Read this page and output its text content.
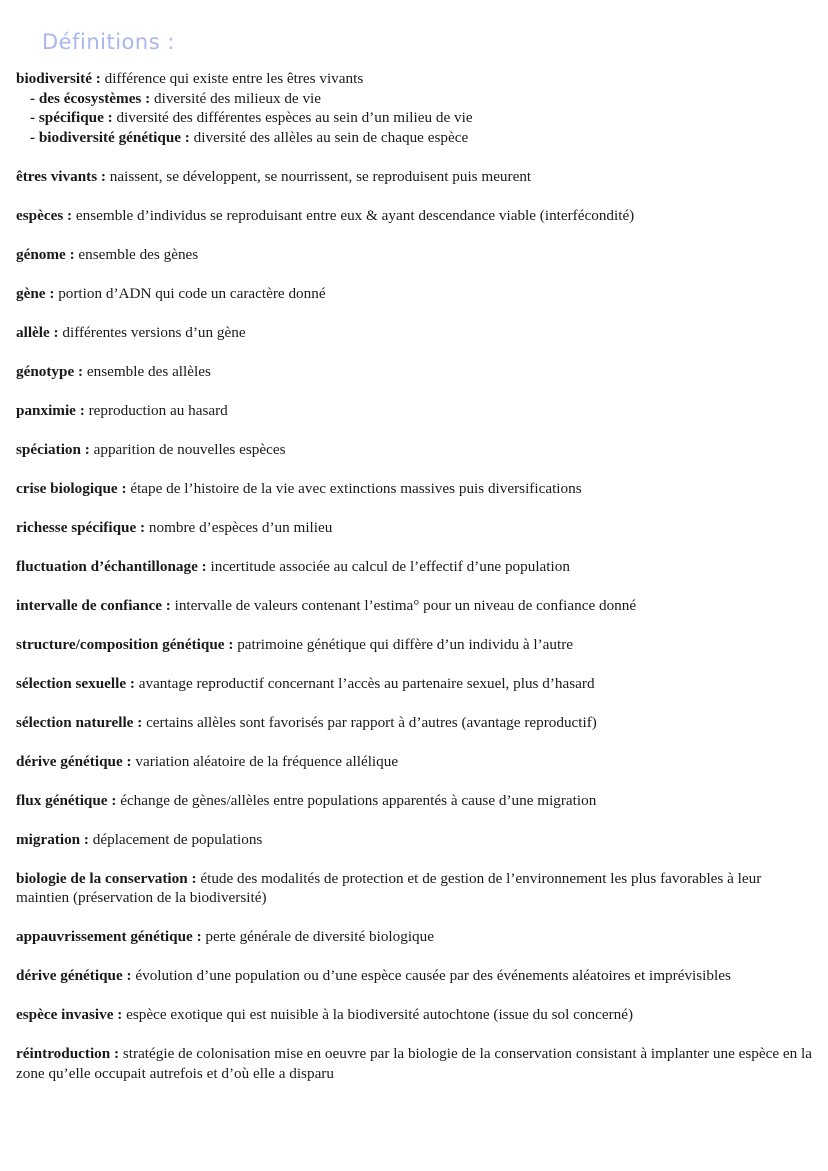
Définitions :
biodiversité : différence qui existe entre les êtres vivants
- des écosystèmes : diversité des milieux de vie
- spécifique : diversité des différentes espèces au sein d’un milieu de vie
- biodiversité génétique : diversité des allèles au sein de chaque espèce
êtres vivants : naissent, se développent, se nourrissent, se reproduisent puis meurent
espèces : ensemble d’individus se reproduisant entre eux & ayant descendance viable (interfécondité)
génome : ensemble des gènes
gène : portion d’ADN qui code un caractère donné
allèle : différentes versions d’un gène
génotype : ensemble des allèles
panximie : reproduction au hasard
spéciation : apparition de nouvelles espèces
crise biologique : étape de l’histoire de la vie avec extinctions massives puis diversifications
richesse spécifique : nombre d’espèces d’un milieu
fluctuation d’échantillonage : incertitude associée au calcul de l’effectif d’une population
intervalle de confiance : intervalle de valeurs contenant l’estima° pour un niveau de confiance donné
structure/composition génétique : patrimoine génétique qui diffère d’un individu à l’autre
sélection sexuelle : avantage reproductif concernant l’accès au partenaire sexuel, plus d’hasard
sélection naturelle : certains allèles sont favorisés par rapport à d’autres (avantage reproductif)
dérive génétique : variation aléatoire de la fréquence allélique
flux génétique : échange de gènes/allèles entre populations apparentés à cause d’une migration
migration : déplacement de populations
biologie de la conservation : étude des modalités de protection et de gestion de l’environnement les plus favorables à leur maintien (préservation de la biodiversité)
appauvrissement génétique : perte générale de diversité biologique
dérive génétique : évolution d’une population ou d’une espèce causée par des événements aléatoires et imprévisibles
espèce invasive : espèce exotique qui est nuisible à la biodiversité autochtone (issue du sol concerné)
réintroduction : stratégie de colonisation mise en oeuvre par la biologie de la conservation consistant à implanter une espèce en la zone qu’elle occupait autrefois et d’où elle a disparu
